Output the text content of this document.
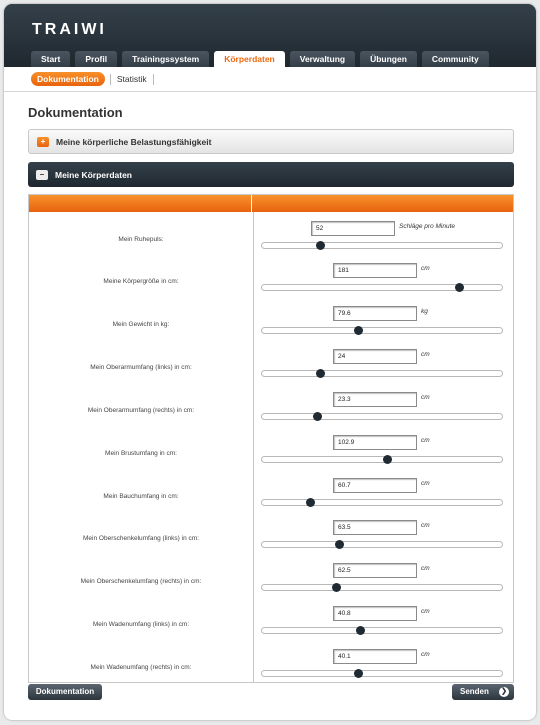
TRAIWI
Start	Profil	Trainingssystem	Körperdaten	Verwaltung	Übungen	Community
Dokumentation	Statistik
Dokumentation
+	Meine körperliche Belastungsfähigkeit
–	Meine Körperdaten
Mein Ruhepuls:
52
Schläge pro Minute
Meine Körpergröße in cm:
181
cm
Mein Gewicht in kg:
79.6
kg
Mein Oberarmumfang (links) in cm:
24
cm
Mein Oberarmumfang (rechts) in cm:
23.3
cm
Mein Brustumfang in cm:
102.9
cm
Mein Bauchumfang in cm:
60.7
cm
Mein Oberschenkelumfang (links) in cm:
63.5
cm
Mein Oberschenkelumfang (rechts) in cm:
62.5
cm
Mein Wadenumfang (links) in cm:
40.8
cm
Mein Wadenumfang (rechts) in cm:
40.1
cm
Dokumentation	Senden ❯
